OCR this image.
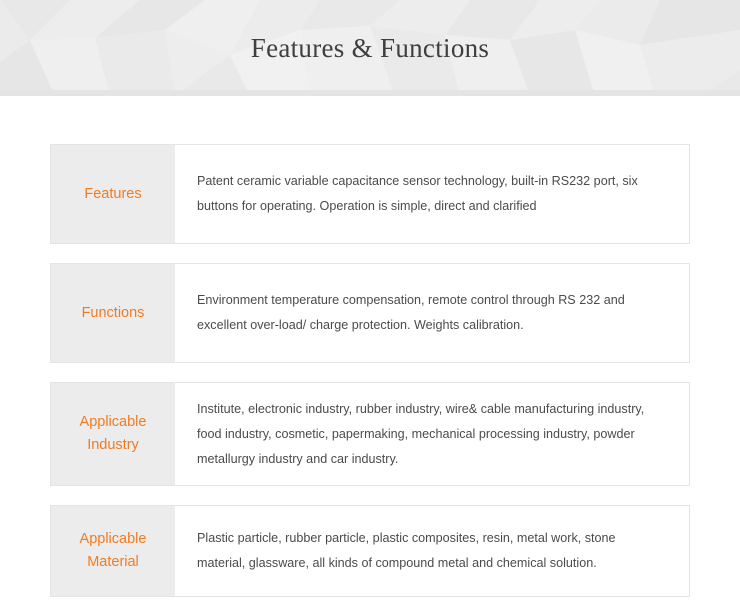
Features & Functions
Features

Patent ceramic variable capacitance sensor technology, built-in RS232 port, six buttons for operating. Operation is simple, direct and clarified

Functions

Environment temperature compensation, remote control through RS 232 and excellent over-load/ charge protection. Weights calibration.

Applicable Industry

Institute, electronic industry, rubber industry, wire& cable manufacturing industry, food industry, cosmetic, papermaking, mechanical processing industry, powder metallurgy industry and car industry.

Applicable Material

Plastic particle, rubber particle, plastic composites, resin, metal work, stone material, glassware, all kinds of compound metal and chemical solution.
